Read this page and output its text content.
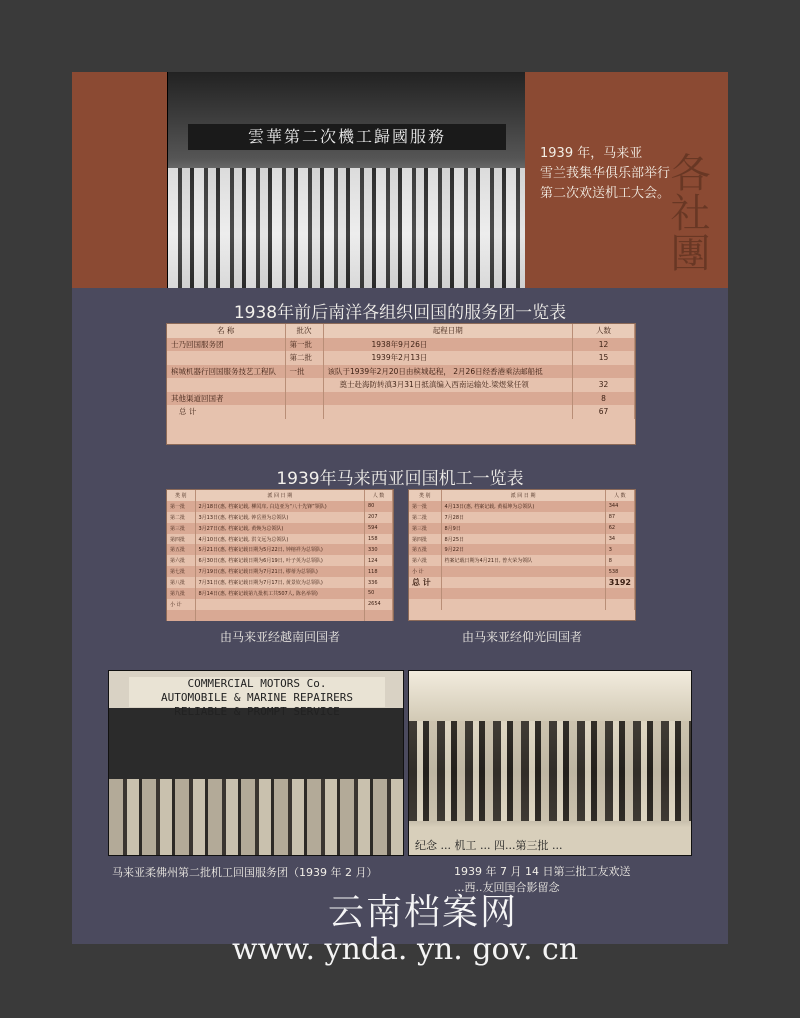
各社團
雲華第二次機工歸國服務
1939 年，马来亚
雪兰莪集华俱乐部举行
第二次欢送机工大会。
1938年前后南洋各组织回国的服务团一览表
名 称	批次	起程日期	人数
士乃回国服务团	第一批	1938年9月26日	12
	第二批	1939年2月13日	15
槟城机器行回国服务技艺工程队	一批	该队于1939年2月20日由槟城起程， 2月26日经香港乘法邮船抵	
		奠士赴海防转滇3月31日抵滇编入西南运输处.梁煜棠任领	32
其他渠道回国者			8
总 计			67
1939年马来西亚回国机工一览表
类 别	派 回 日 期	人 数
第一批	2月18日(惠, 档案记载, 柳闰庠, 白边亚为“八十先锋”领队)	80
第二批	3月13日(惠, 档案记载, 钟岳照为总领队)	207
第三批	3月27日(惠, 档案记载, 黄焕为总领队)	594
第四批	4月10日(惠, 档案记载, 洪文远为总领队)	158
第五批	5月21日(惠, 档案记载日期为5月22日, 钟榕祥为总领队)	330
第六批	6月30日(惠, 档案记载日期为6月19日, 叶子英为总领队)	124
第七批	7月19日(惠, 档案记载日期为7月21日, 缪蒂为总领队)	118
第八批	7月31日(惠, 档案记载日期为7月17日, 黄景钦为总领队)	336
第九批	8月14日(惠, 档案记载第九批机工共507人, 陈名举领)	50
小 计		2654

类 别	派 回 日 期	人 数
第一批	4月13日(惠, 档案记载, 黄福坤为总领队)	344
第二批	7月28日	87
第三批	8月9日	62
第四批	8月25日	34
第五批	9月22日	3
第六批	档案记载日期为4月21日, 曾火荣为领队	8
小 计		538
总 计		3192

由马来亚经越南回国者	由马来亚经仰光回国者
COMMERCIAL MOTORS Co.
AUTOMOBILE & MARINE REPAIRERS
RELIABLE & PROMPT SERVICE
纪念 ... 机工 ... 四...第三批 ...
马来亚柔佛州第二批机工回国服务团（1939 年 2 月）	1939 年 7 月 14 日第三批工友欢送
...西..友回国合影留念
云南档案网
www. ynda. yn. gov. cn
